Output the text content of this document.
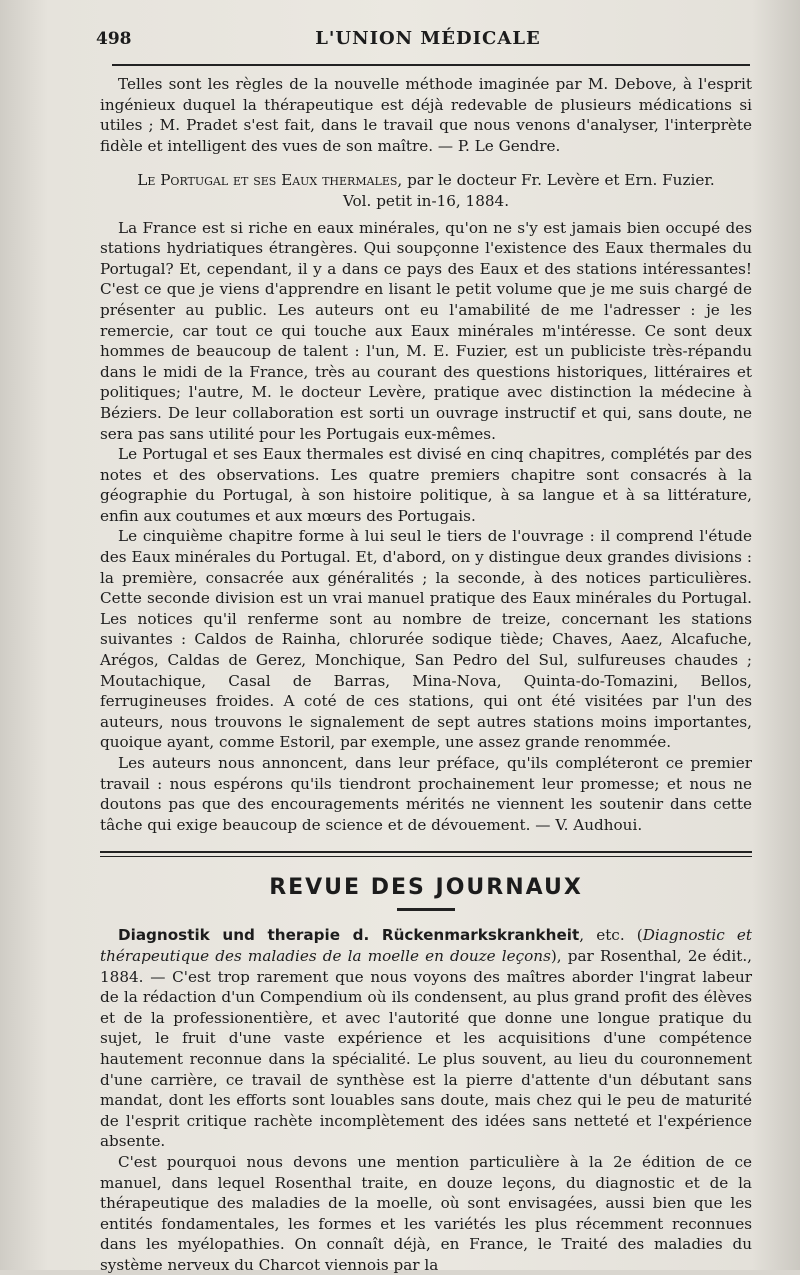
498	L'UNION MÉDICALE

Telles sont les règles de la nouvelle méthode imaginée par M. Debove, à l'esprit ingénieux duquel la thérapeutique est déjà redevable de plusieurs médications si utiles ; M. Pradet s'est fait, dans le travail que nous venons d'analyser, l'interprète fidèle et intelligent des vues de son maître. — P. Le Gendre.

Le Portugal et ses Eaux thermales, par le docteur Fr. Levère et Ern. Fuzier.

Vol. petit in-16, 1884.

La France est si riche en eaux minérales, qu'on ne s'y est jamais bien occupé des stations hydriatiques étrangères. Qui soupçonne l'existence des Eaux thermales du Portugal? Et, cependant, il y a dans ce pays des Eaux et des stations intéressantes! C'est ce que je viens d'apprendre en lisant le petit volume que je me suis chargé de présenter au public. Les auteurs ont eu l'amabilité de me l'adresser : je les remercie, car tout ce qui touche aux Eaux minérales m'intéresse. Ce sont deux hommes de beaucoup de talent : l'un, M. E. Fuzier, est un publiciste très-répandu dans le midi de la France, très au courant des questions historiques, littéraires et politiques; l'autre, M. le docteur Levère, pratique avec distinction la médecine à Béziers. De leur collaboration est sorti un ouvrage instructif et qui, sans doute, ne sera pas sans utilité pour les Portugais eux-mêmes.

Le Portugal et ses Eaux thermales est divisé en cinq chapitres, complétés par des notes et des observations. Les quatre premiers chapitre sont consacrés à la géographie du Portugal, à son histoire politique, à sa langue et à sa littérature, enfin aux coutumes et aux mœurs des Portugais.

Le cinquième chapitre forme à lui seul le tiers de l'ouvrage : il comprend l'étude des Eaux minérales du Portugal. Et, d'abord, on y distingue deux grandes divisions : la première, consacrée aux généralités ; la seconde, à des notices particulières. Cette seconde division est un vrai manuel pratique des Eaux minérales du Portugal. Les notices qu'il renferme sont au nombre de treize, concernant les stations suivantes : Caldos de Rainha, chlorurée sodique tiède; Chaves, Aaez, Alcafuche, Arégos, Caldas de Gerez, Monchique, San Pedro del Sul, sulfureuses chaudes ; Moutachique, Casal de Barras, Mina-Nova, Quinta-do-Tomazini, Bellos, ferrugineuses froides. A coté de ces stations, qui ont été visitées par l'un des auteurs, nous trouvons le signalement de sept autres stations moins importantes, quoique ayant, comme Estoril, par exemple, une assez grande renommée.

Les auteurs nous annoncent, dans leur préface, qu'ils compléteront ce premier travail : nous espérons qu'ils tiendront prochainement leur promesse; et nous ne doutons pas que des encouragements mérités ne viennent les soutenir dans cette tâche qui exige beaucoup de science et de dévouement. — V. Audhoui.

REVUE DES JOURNAUX

Diagnostik und therapie d. Rückenmarkskrankheit, etc. (Diagnostic et thérapeutique des maladies de la moelle en douze leçons), par Rosenthal, 2e édit., 1884. — C'est trop rarement que nous voyons des maîtres aborder l'ingrat labeur de la rédaction d'un Compendium où ils condensent, au plus grand profit des élèves et de la professionentière, et avec l'autorité que donne une longue pratique du sujet, le fruit d'une vaste expérience et les acquisitions d'une compétence hautement reconnue dans la spécialité. Le plus souvent, au lieu du couronnement d'une carrière, ce travail de synthèse est la pierre d'attente d'un débutant sans mandat, dont les efforts sont louables sans doute, mais chez qui le peu de maturité de l'esprit critique rachète incomplètement des idées sans netteté et l'expérience absente.

C'est pourquoi nous devons une mention particulière à la 2e édition de ce manuel, dans lequel Rosenthal traite, en douze leçons, du diagnostic et de la thérapeutique des maladies de la moelle, où sont envisagées, aussi bien que les entités fondamentales, les formes et les variétés les plus récemment reconnues dans les myélopathies. On connaît déjà, en France, le Traité des maladies du système nerveux du Charcot viennois par la
